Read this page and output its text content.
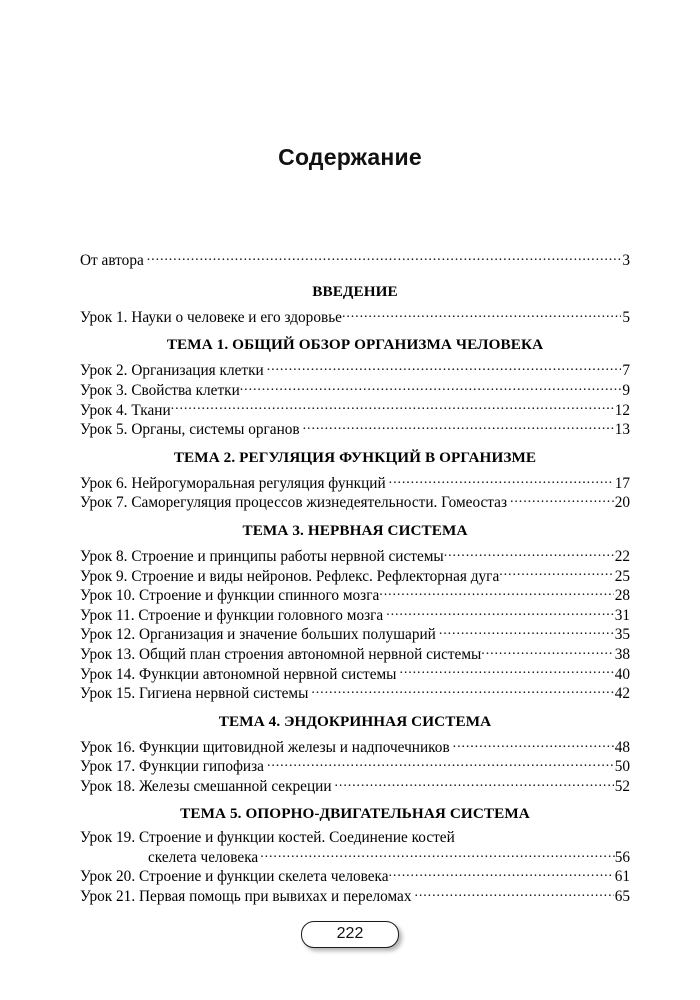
Содержание
От автора .....	3
ВВЕДЕНИЕ
Урок 1. Науки о человеке и его здоровье .....	5
ТЕМА 1. ОБЩИЙ ОБЗОР ОРГАНИЗМА ЧЕЛОВЕКА
Урок 2. Организация клетки .....	7
Урок 3. Свойства клетки .....	9
Урок 4. Ткани .....	12
Урок 5. Органы, системы органов .....	13
ТЕМА 2. РЕГУЛЯЦИЯ ФУНКЦИЙ В ОРГАНИЗМЕ
Урок 6. Нейрогуморальная регуляция функций .....	17
Урок 7. Саморегуляция процессов жизнедеятельности. Гомеостаз .....	20
ТЕМА 3. НЕРВНАЯ СИСТЕМА
Урок 8. Строение и принципы работы нервной системы .....	22
Урок 9. Строение и виды нейронов. Рефлекс. Рефлекторная дуга .....	25
Урок 10. Строение и функции спинного мозга .....	28
Урок 11. Строение и функции головного мозга .....	31
Урок 12. Организация и значение больших полушарий .....	35
Урок 13. Общий план строения автономной нервной системы .....	38
Урок 14. Функции автономной нервной системы .....	40
Урок 15. Гигиена нервной системы .....	42
ТЕМА 4. ЭНДОКРИННАЯ СИСТЕМА
Урок 16. Функции щитовидной железы и надпочечников .....	48
Урок 17. Функции гипофиза .....	50
Урок 18. Железы смешанной секреции .....	52
ТЕМА 5. ОПОРНО-ДВИГАТЕЛЬНАЯ СИСТЕМА
Урок 19. Строение и функции костей. Соединение костей
скелета человека .....	56
Урок 20. Строение и функции скелета человека .....	61
Урок 21. Первая помощь при вывихах и переломах .....	65
222
